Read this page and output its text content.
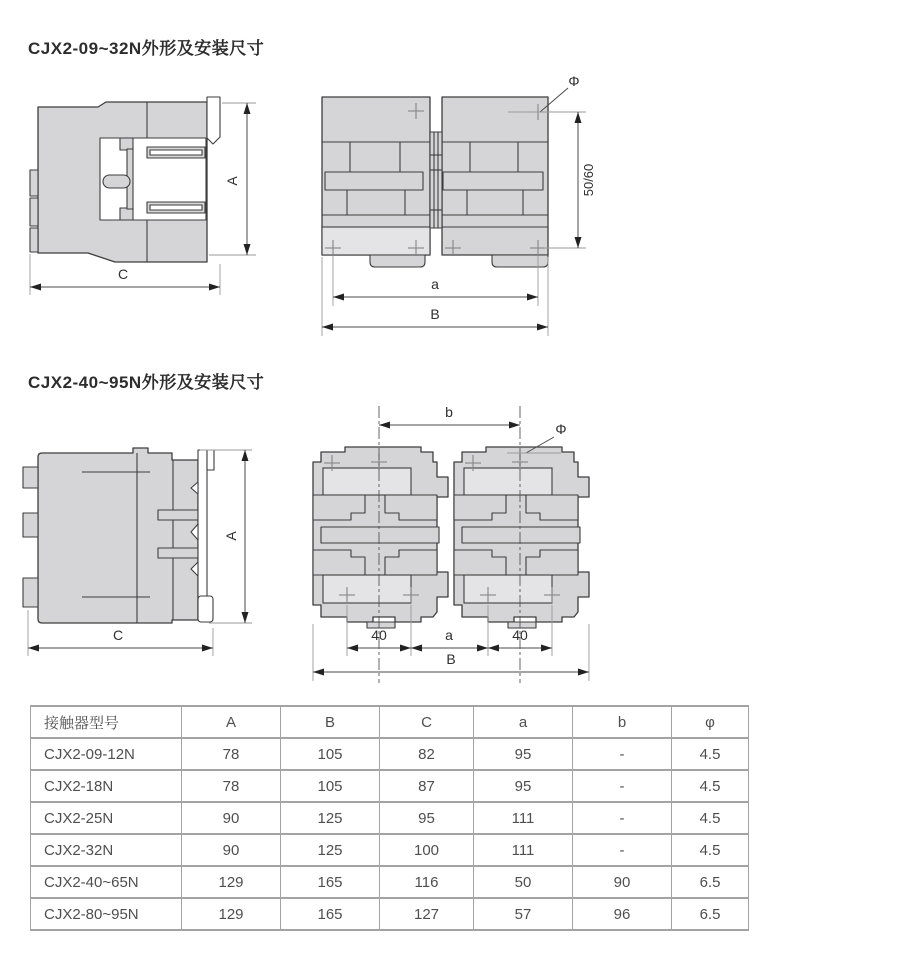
CJX2-09~32N外形及安装尺寸
A
C
Φ
50/60
a
B
CJX2-40~95N外形及安装尺寸
A
C
b
Φ
40	a	40
B
接触器型号	A	B	C	a	b	φ
CJX2-09-12N	78	105	82	95	-	4.5
CJX2-18N	78	105	87	95	-	4.5
CJX2-25N	90	125	95	111	-	4.5
CJX2-32N	90	125	100	111	-	4.5
CJX2-40~65N	129	165	116	50	90	6.5
CJX2-80~95N	129	165	127	57	96	6.5
